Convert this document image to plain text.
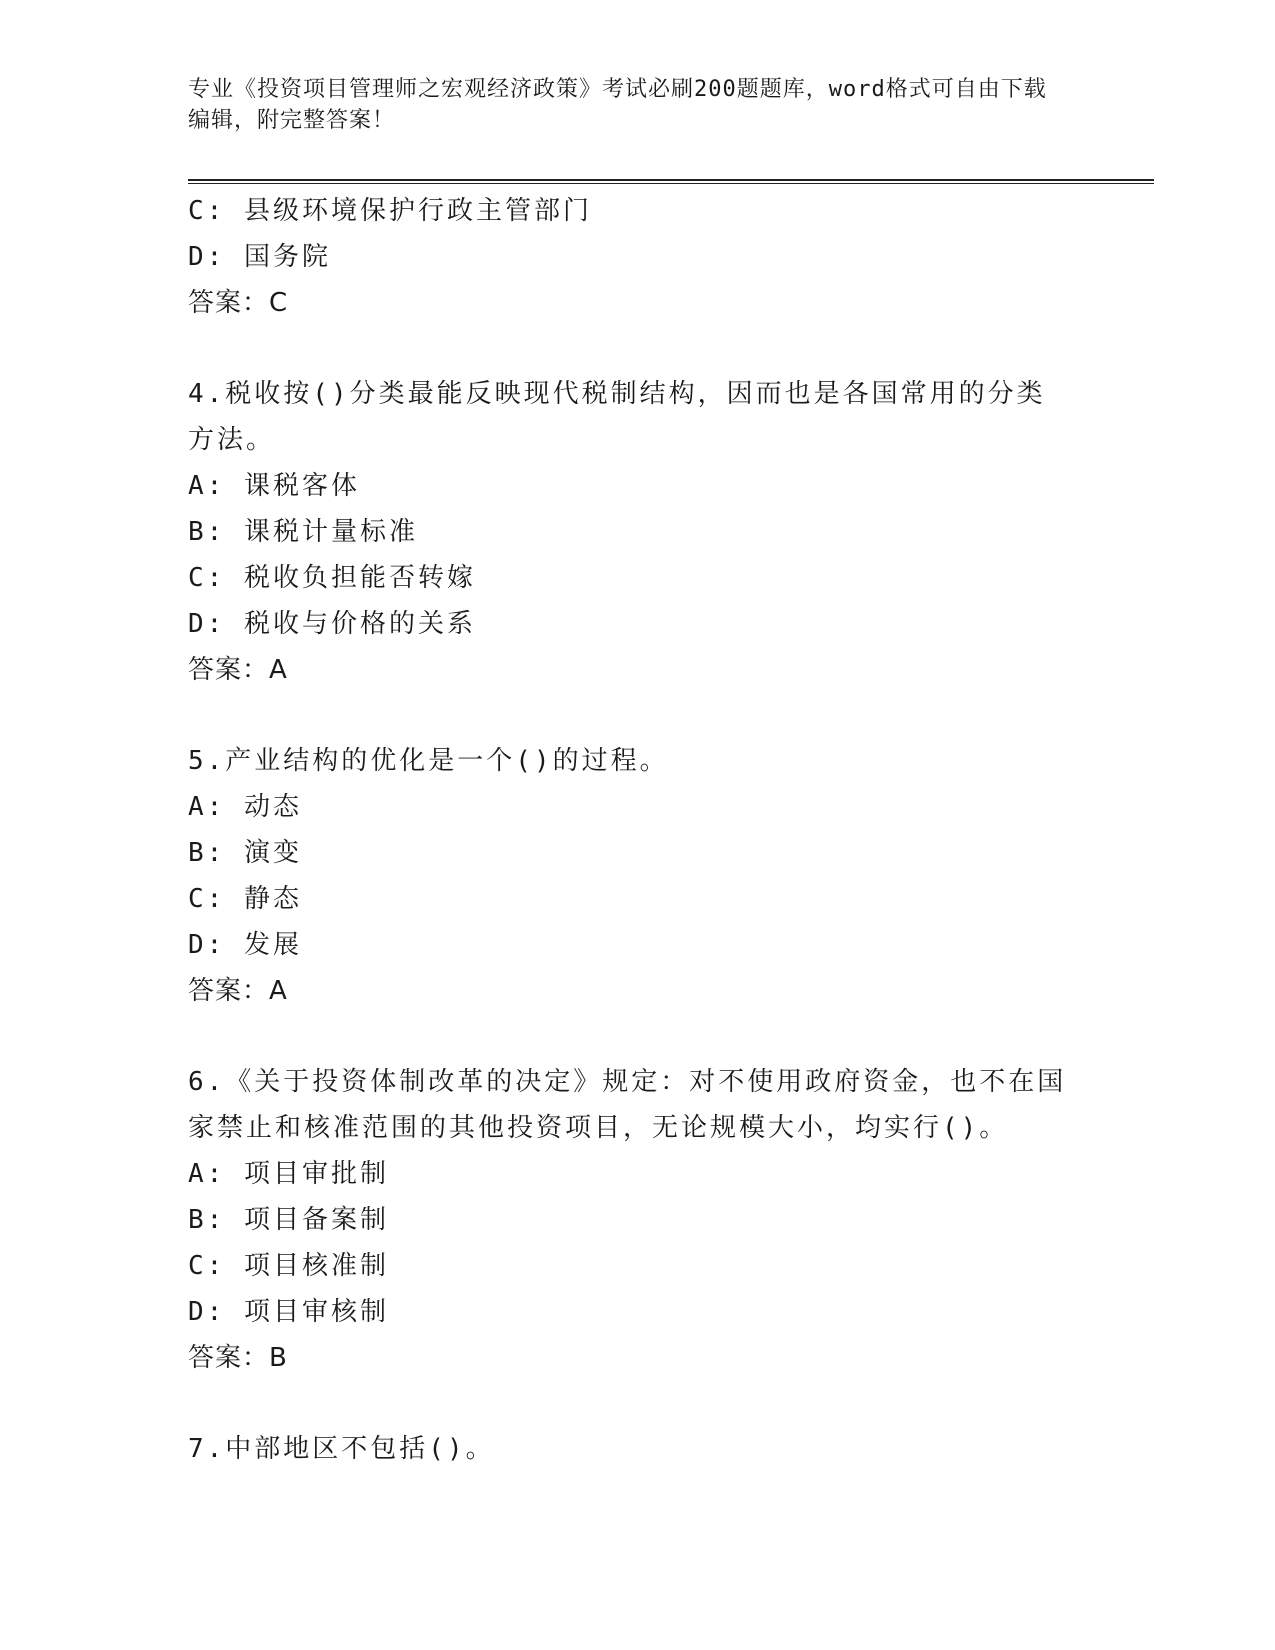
专业《投资项目管理师之宏观经济政策》考试必刷200题题库，word格式可自由下载编辑，附完整答案！
C: 县级环境保护行政主管部门
D: 国务院
答案：C
4.税收按()分类最能反映现代税制结构，因而也是各国常用的分类方法。
A: 课税客体
B: 课税计量标准
C: 税收负担能否转嫁
D: 税收与价格的关系
答案：A
5.产业结构的优化是一个()的过程。
A: 动态
B: 演变
C: 静态
D: 发展
答案：A
6.《关于投资体制改革的决定》规定：对不使用政府资金，也不在国家禁止和核准范围的其他投资项目，无论规模大小，均实行()。
A: 项目审批制
B: 项目备案制
C: 项目核准制
D: 项目审核制
答案：B
7.中部地区不包括()。
